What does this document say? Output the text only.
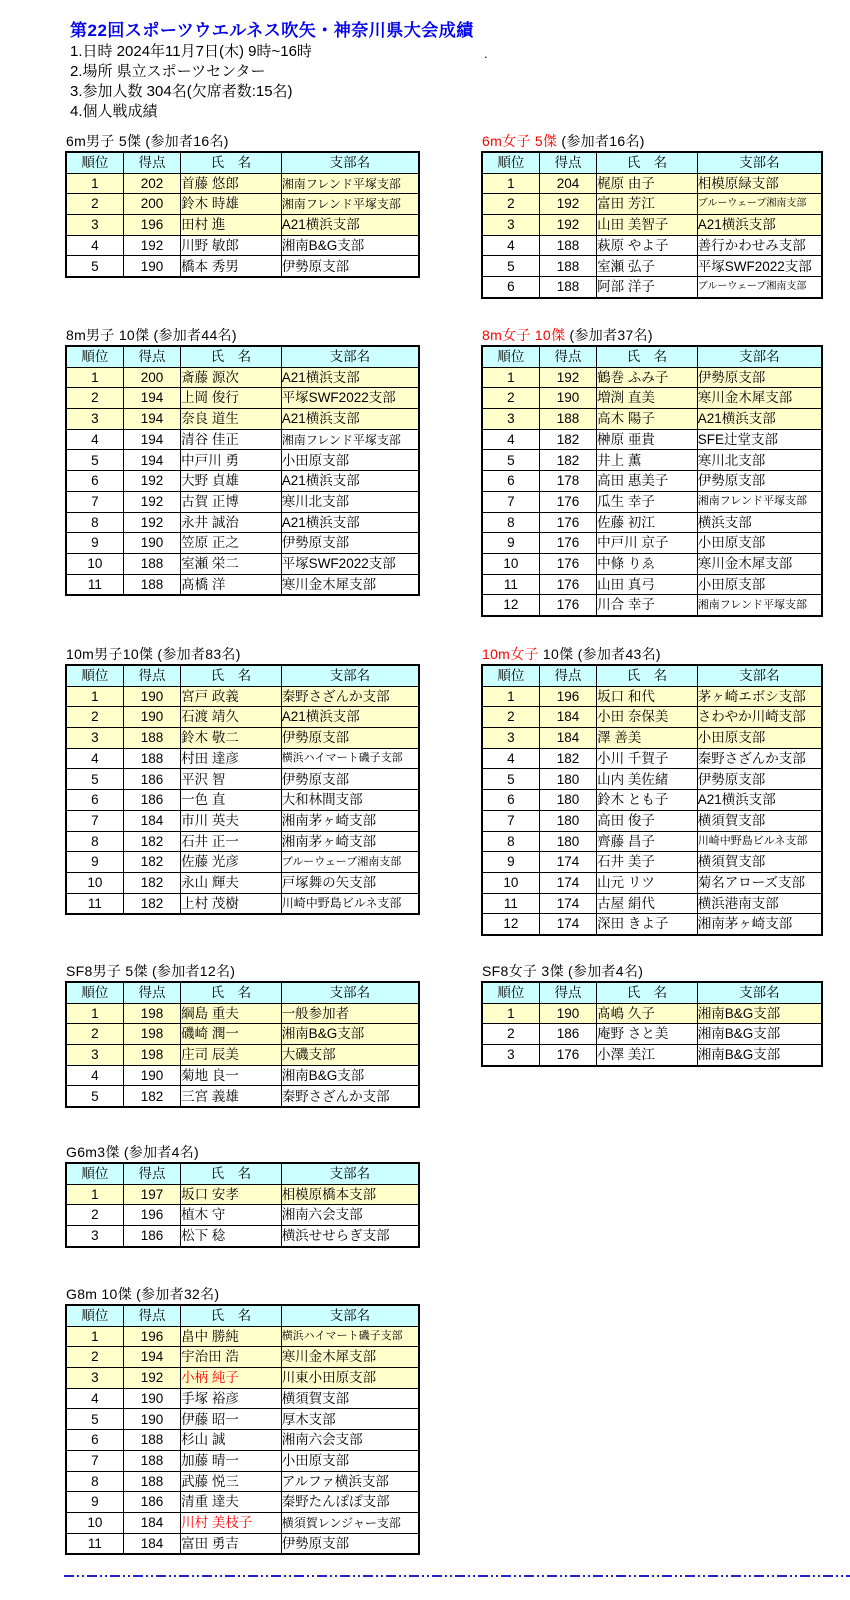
第22回スポーツウエルネス吹矢・神奈川県大会成績
1.日時 2024年11月7日(木) 9時~16時
2.場所 県立スポーツセンター
3.参加人数 304名(欠席者数:15名)
4.個人戦成績
.
6m男子 5傑 (参加者16名)
順位	得点	氏　名	支部名
1	202	首藤 悠郎	湘南フレンド平塚支部
2	200	鈴木 時雄	湘南フレンド平塚支部
3	196	田村 進	A21横浜支部
4	192	川野 敏郎	湘南B&G支部
5	190	橋本 秀男	伊勢原支部
6m女子 5傑 (参加者16名)
順位	得点	氏　名	支部名
1	204	梶原 由子	相模原緑支部
2	192	富田 芳江	ブルーウェーブ湘南支部
3	192	山田 美智子	A21横浜支部
4	188	萩原 やよ子	善行かわせみ支部
5	188	室瀬 弘子	平塚SWF2022支部
6	188	阿部 洋子	ブルーウェーブ湘南支部
8m男子 10傑 (参加者44名)
順位	得点	氏　名	支部名
1	200	斎藤 源次	A21横浜支部
2	194	上岡 俊行	平塚SWF2022支部
3	194	奈良 道生	A21横浜支部
4	194	清谷 佳正	湘南フレンド平塚支部
5	194	中戸川 勇	小田原支部
6	192	大野 貞雄	A21横浜支部
7	192	古賀 正博	寒川北支部
8	192	永井 誠治	A21横浜支部
9	190	笠原 正之	伊勢原支部
10	188	室瀬 栄二	平塚SWF2022支部
11	188	髙橋 洋	寒川金木犀支部
8m女子 10傑 (参加者37名)
順位	得点	氏　名	支部名
1	192	鶴巻 ふみ子	伊勢原支部
2	190	増渕 直美	寒川金木犀支部
3	188	高木 陽子	A21横浜支部
4	182	榊原 亜貴	SFE辻堂支部
5	182	井上 薫	寒川北支部
6	178	高田 惠美子	伊勢原支部
7	176	瓜生 幸子	湘南フレンド平塚支部
8	176	佐藤 初江	横浜支部
9	176	中戸川 京子	小田原支部
10	176	中條 りゑ	寒川金木犀支部
11	176	山田 真弓	小田原支部
12	176	川合 幸子	湘南フレンド平塚支部
10m男子10傑 (参加者83名)
順位	得点	氏　名	支部名
1	190	宮戸 政義	秦野さざんか支部
2	190	石渡 靖久	A21横浜支部
3	188	鈴木 敬二	伊勢原支部
4	188	村田 達彦	横浜ハイマート磯子支部
5	186	平沢 智	伊勢原支部
6	186	一色 直	大和林間支部
7	184	市川 英夫	湘南茅ヶ崎支部
8	182	石井 正一	湘南茅ヶ崎支部
9	182	佐藤 光彦	ブルーウェーブ湘南支部
10	182	永山 輝夫	戸塚舞の矢支部
11	182	上村 茂樹	川崎中野島ビルネ支部
10m女子 10傑 (参加者43名)
順位	得点	氏　名	支部名
1	196	坂口 和代	茅ヶ崎エボシ支部
2	184	小田 奈保美	さわやか川崎支部
3	184	澤 善美	小田原支部
4	182	小川 千賀子	秦野さざんか支部
5	180	山内 美佐緒	伊勢原支部
6	180	鈴木 とも子	A21横浜支部
7	180	高田 俊子	横須賀支部
8	180	齊藤 昌子	川崎中野島ビルネ支部
9	174	石井 美子	横須賀支部
10	174	山元 リツ	菊名アローズ支部
11	174	古屋 絹代	横浜港南支部
12	174	深田 きよ子	湘南茅ヶ崎支部
SF8男子 5傑 (参加者12名)
順位	得点	氏　名	支部名
1	198	綱島 重夫	一般参加者
2	198	磯崎 潤一	湘南B&G支部
3	198	庄司 辰美	大磯支部
4	190	菊地 良一	湘南B&G支部
5	182	三宮 義雄	秦野さざんか支部
SF8女子 3傑 (参加者4名)
順位	得点	氏　名	支部名
1	190	髙嶋 久子	湘南B&G支部
2	186	庵野 さと美	湘南B&G支部
3	176	小澤 美江	湘南B&G支部
G6m3傑 (参加者4名)
順位	得点	氏　名	支部名
1	197	坂口 安孝	相模原橋本支部
2	196	植木 守	湘南六会支部
3	186	松下 稔	横浜せせらぎ支部
G8m 10傑 (参加者32名)
順位	得点	氏　名	支部名
1	196	畠中 勝純	横浜ハイマート磯子支部
2	194	宇治田 浩	寒川金木犀支部
3	192	小柄 純子	川東小田原支部
4	190	手塚 裕彦	横須賀支部
5	190	伊藤 昭一	厚木支部
6	188	杉山 誠	湘南六会支部
7	188	加藤 晴一	小田原支部
8	188	武藤 悦三	アルファ横浜支部
9	186	清重 達夫	秦野たんぽぽ支部
10	184	川村 美枝子	横須賀レンジャー支部
11	184	富田 勇吉	伊勢原支部
